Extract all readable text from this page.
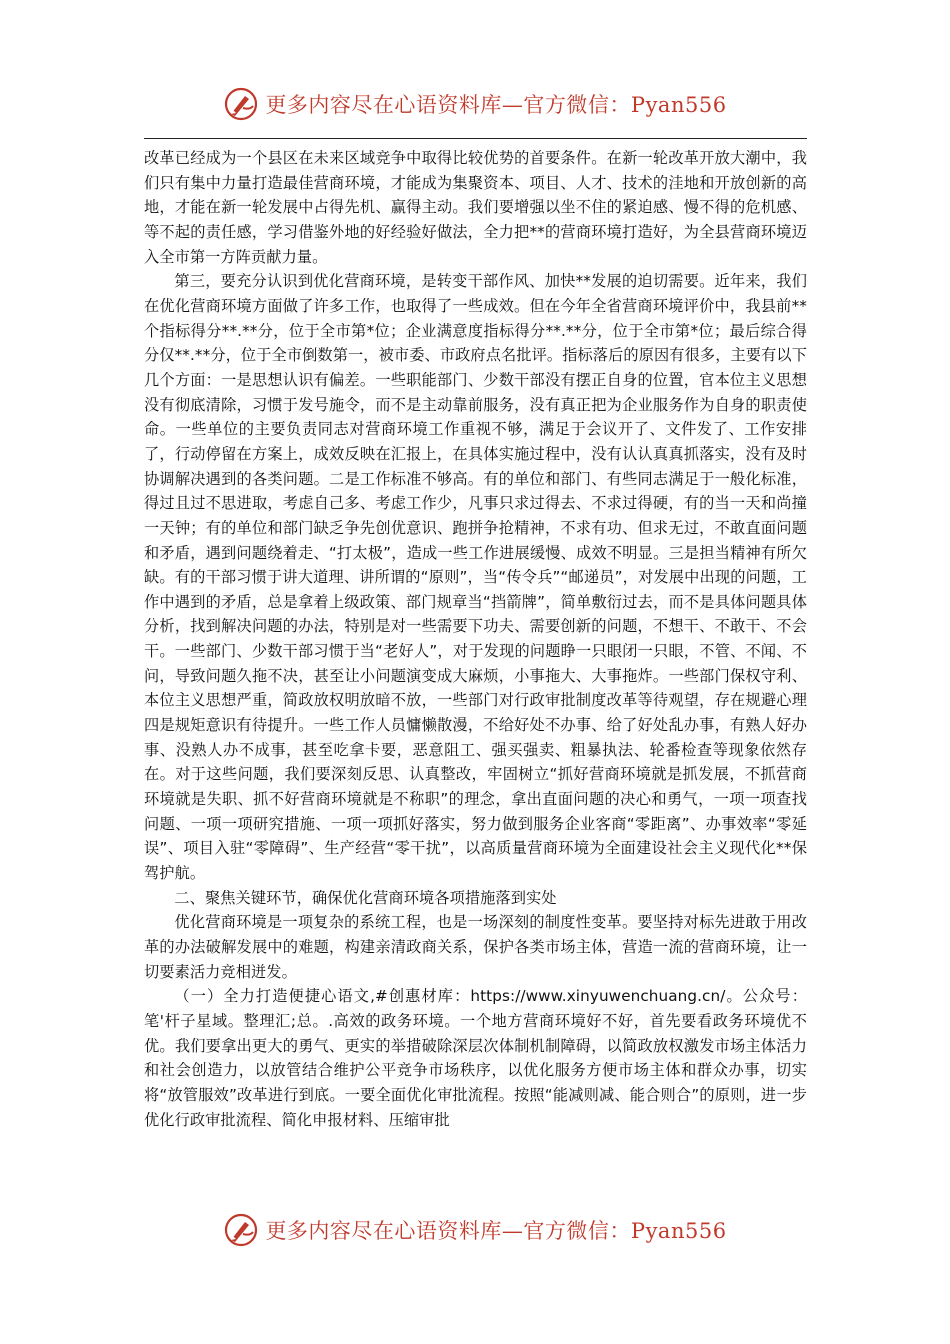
更多内容尽在心语资料库—官方微信：Pyan556

改革已经成为一个县区在未来区域竞争中取得比较优势的首要条件。在新一轮改革开放大潮中，我们只有集中力量打造最佳营商环境，才能成为集聚资本、项目、人才、技术的洼地和开放创新的高地，才能在新一轮发展中占得先机、赢得主动。我们要增强以坐不住的紧迫感、慢不得的危机感、等不起的责任感，学习借鉴外地的好经验好做法，全力把**的营商环境打造好，为全县营商环境迈入全市第一方阵贡献力量。

第三，要充分认识到优化营商环境，是转变干部作风、加快**发展的迫切需要。近年来，我们在优化营商环境方面做了许多工作，也取得了一些成效。但在今年全省营商环境评价中，我县前**个指标得分**.**分，位于全市第*位；企业满意度指标得分**.**分，位于全市第*位；最后综合得分仅**.**分，位于全市倒数第一，被市委、市政府点名批评。指标落后的原因有很多，主要有以下几个方面：一是思想认识有偏差。一些职能部门、少数干部没有摆正自身的位置，官本位主义思想没有彻底清除，习惯于发号施令，而不是主动靠前服务，没有真正把为企业服务作为自身的职责使命。一些单位的主要负责同志对营商环境工作重视不够，满足于会议开了、文件发了、工作安排了，行动停留在方案上，成效反映在汇报上，在具体实施过程中，没有认认真真抓落实，没有及时协调解决遇到的各类问题。二是工作标准不够高。有的单位和部门、有些同志满足于一般化标准，得过且过不思进取，考虑自己多、考虑工作少，凡事只求过得去、不求过得硬，有的当一天和尚撞一天钟；有的单位和部门缺乏争先创优意识、跑拼争抢精神，不求有功、但求无过，不敢直面问题和矛盾，遇到问题绕着走、“打太极”，造成一些工作进展缓慢、成效不明显。三是担当精神有所欠缺。有的干部习惯于讲大道理、讲所谓的“原则”，当“传令兵”“邮递员”，对发展中出现的问题，工作中遇到的矛盾，总是拿着上级政策、部门规章当“挡箭牌”，简单敷衍过去，而不是具体问题具体分析，找到解决问题的办法，特别是对一些需要下功夫、需要创新的问题，不想干、不敢干、不会干。一些部门、少数干部习惯于当“老好人”，对于发现的问题睁一只眼闭一只眼，不管、不闻、不问，导致问题久拖不决，甚至让小问题演变成大麻烦，小事拖大、大事拖炸。一些部门保权守利、本位主义思想严重，简政放权明放暗不放，一些部门对行政审批制度改革等待观望，存在规避心理四是规矩意识有待提升。一些工作人员慵懒散漫，不给好处不办事、给了好处乱办事，有熟人好办事、没熟人办不成事，甚至吃拿卡要，恶意阻工、强买强卖、粗暴执法、轮番检查等现象依然存在。对于这些问题，我们要深刻反思、认真整改，牢固树立“抓好营商环境就是抓发展，不抓营商环境就是失职、抓不好营商环境就是不称职”的理念，拿出直面问题的决心和勇气，一项一项查找问题、一项一项研究措施、一项一项抓好落实，努力做到服务企业客商“零距离”、办事效率“零延误”、项目入驻“零障碍”、生产经营“零干扰”，以高质量营商环境为全面建设社会主义现代化**保驾护航。

二、聚焦关键环节，确保优化营商环境各项措施落到实处

优化营商环境是一项复杂的系统工程，也是一场深刻的制度性变革。要坚持对标先进敢于用改革的办法破解发展中的难题，构建亲清政商关系，保护各类市场主体，营造一流的营商环境，让一切要素活力竞相迸发。

（一）全力打造便捷心语文,#创惠材库：https://www.xinyuwenchuang.cn/。公众号：笔'杆子星域。整理汇;总。.高效的政务环境。一个地方营商环境好不好，首先要看政务环境优不优。我们要拿出更大的勇气、更实的举措破除深层次体制机制障碍，以简政放权激发市场主体活力和社会创造力，以放管结合维护公平竞争市场秩序，以优化服务方便市场主体和群众办事，切实将“放管服效”改革进行到底。一要全面优化审批流程。按照“能减则减、能合则合”的原则，进一步优化行政审批流程、简化申报材料、压缩审批

更多内容尽在心语资料库—官方微信：Pyan556
